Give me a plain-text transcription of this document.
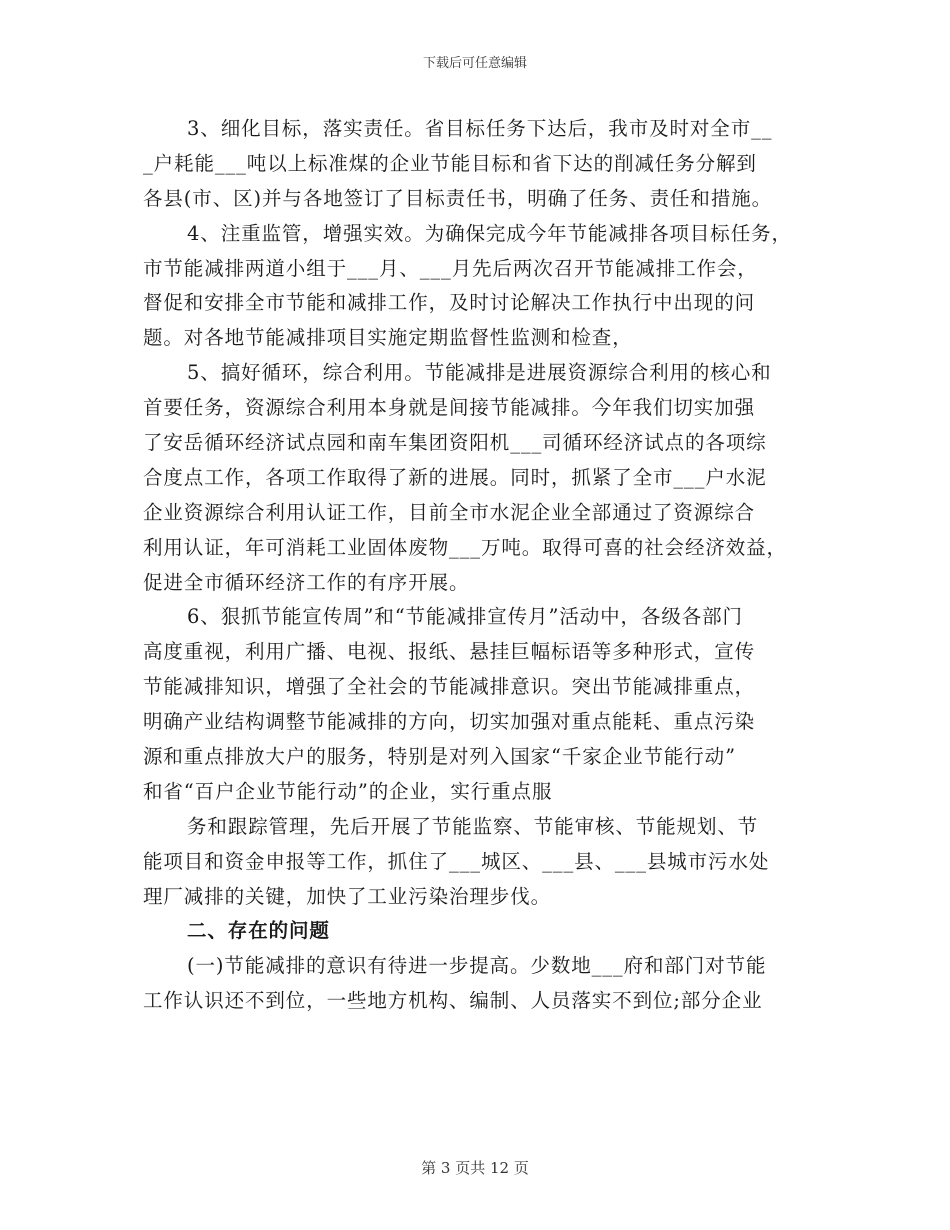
下载后可任意编辑
3、细化目标，落实责任。省目标任务下达后，我市及时对全市__
_户耗能___吨以上标准煤的企业节能目标和省下达的削减任务分解到
各县(市、区)并与各地签订了目标责任书，明确了任务、责任和措施。
4、注重监管，增强实效。为确保完成今年节能减排各项目标任务，
市节能减排两道小组于___月、___月先后两次召开节能减排工作会，
督促和安排全市节能和减排工作，及时讨论解决工作执行中出现的问
题。对各地节能减排项目实施定期监督性监测和检查，
5、搞好循环，综合利用。节能减排是进展资源综合利用的核心和
首要任务，资源综合利用本身就是间接节能减排。今年我们切实加强
了安岳循环经济试点园和南车集团资阳机___司循环经济试点的各项综
合度点工作，各项工作取得了新的进展。同时，抓紧了全市___户水泥
企业资源综合利用认证工作，目前全市水泥企业全部通过了资源综合
利用认证，年可消耗工业固体废物___万吨。取得可喜的社会经济效益，
促进全市循环经济工作的有序开展。
6、狠抓节能宣传周”和“节能减排宣传月”活动中，各级各部门
高度重视，利用广播、电视、报纸、悬挂巨幅标语等多种形式，宣传
节能减排知识，增强了全社会的节能减排意识。突出节能减排重点，
明确产业结构调整节能减排的方向，切实加强对重点能耗、重点污染
源和重点排放大户的服务，特别是对列入国家“千家企业节能行动”
和省“百户企业节能行动”的企业，实行重点服
务和跟踪管理，先后开展了节能监察、节能审核、节能规划、节
能项目和资金申报等工作，抓住了___城区、___县、___县城市污水处
理厂减排的关键，加快了工业污染治理步伐。
二、存在的问题
(一)节能减排的意识有待进一步提高。少数地___府和部门对节能
工作认识还不到位，一些地方机构、编制、人员落实不到位;部分企业
第 3 页共 12 页
